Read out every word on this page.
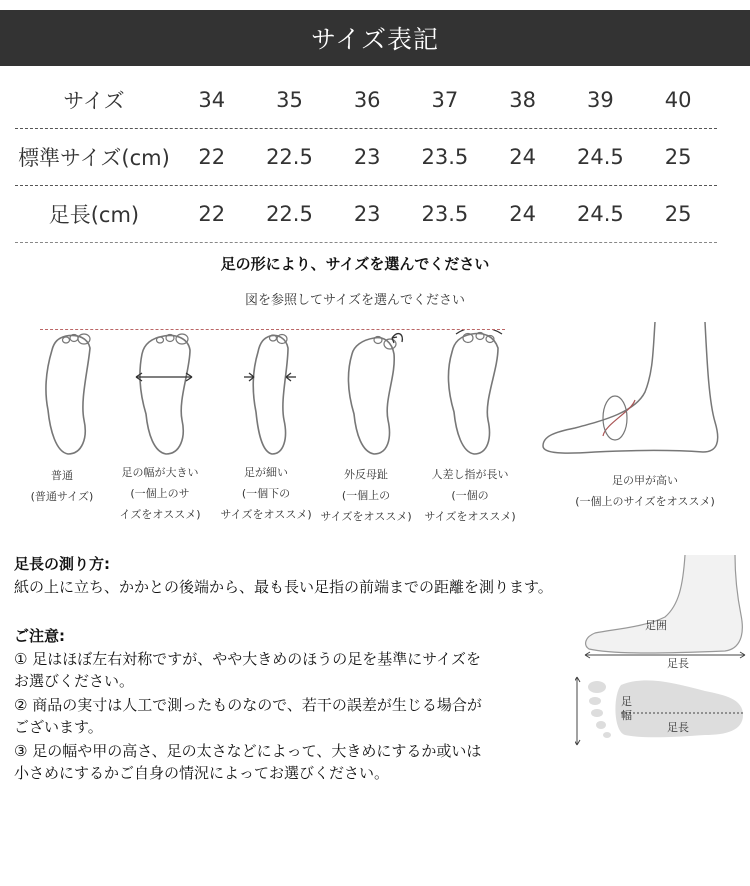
サイズ表記
サイズ	34	35	36	37	38	39	40
標準サイズ(cm)	22	22.5	23	23.5	24	24.5	25
足長(cm)	22	22.5	23	23.5	24	24.5	25
足の形により、サイズを選んでください
図を参照してサイズを選んでください
普通
(普通サイズ)
足の幅が大きい
(一個上のサ
イズをオススメ)
足が細い
(一個下の
サイズをオススメ)
外反母趾
(一個上の
サイズをオススメ)
人差し指が長い
(一個の
サイズをオススメ)
足の甲が高い
(一個上のサイズをオススメ)
足長の測り方:
紙の上に立ち、かかとの後端から、最も長い足指の前端までの距離を測ります。
ご注意:
① 足はほぼ左右対称ですが、やや大きめのほうの足を基準にサイズを
お選びください。
② 商品の実寸は人工で測ったものなので、若干の誤差が生じる場合が
ございます。
③ 足の幅や甲の高さ、足の太さなどによって、大きめにするか或いは
小さめにするかご自身の情況によってお選びください。
足囲
足長
足幅
足長
